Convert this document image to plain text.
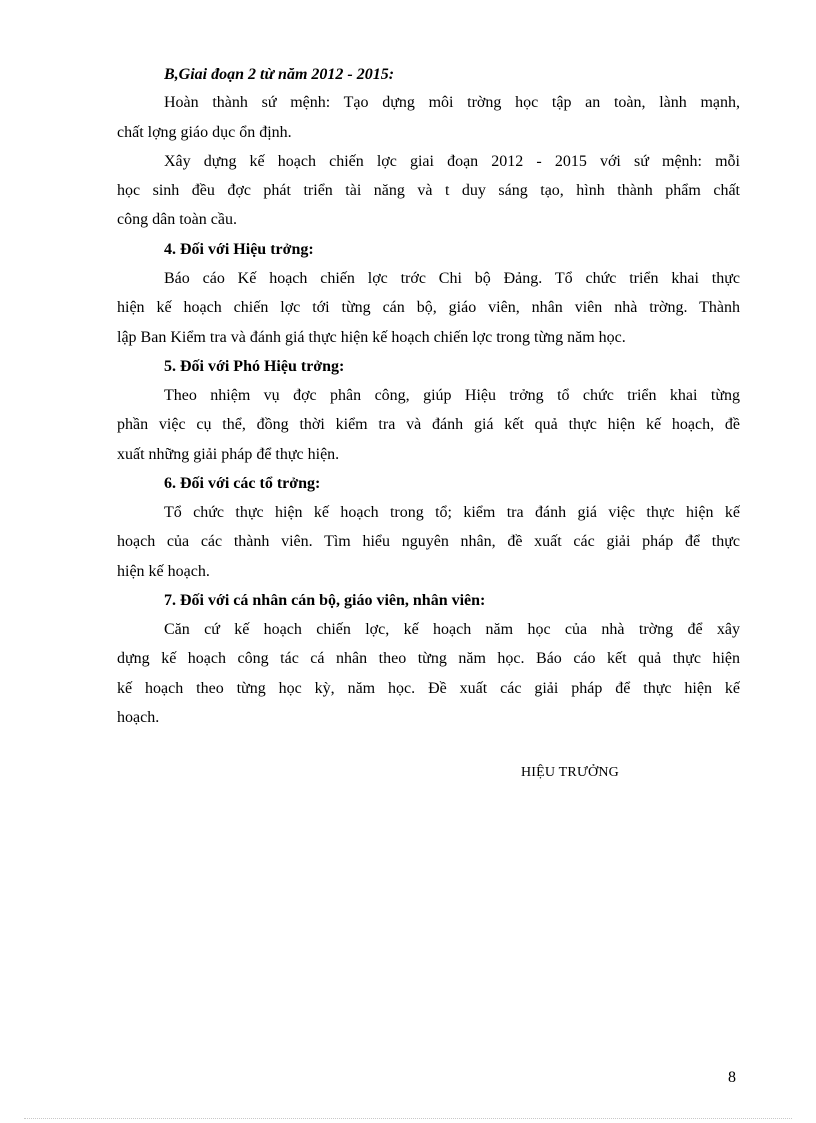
B,Giai đoạn 2 từ năm 2012 - 2015:
Hoàn thành sứ mệnh: Tạo dựng môi trờng học tập an toàn, lành mạnh,
chất lợng giáo dục ổn định.
Xây dựng kế hoạch chiến lợc giai đoạn 2012 - 2015 với sứ mệnh: mỗi
học sinh đều đợc phát triển tài năng và t duy sáng tạo, hình thành phẩm chất
công dân toàn cầu.
4. Đối với Hiệu trởng:
Báo cáo Kế hoạch chiến lợc trớc Chi bộ Đảng. Tổ chức triển khai thực
hiện kế hoạch chiến lợc tới từng cán bộ, giáo viên, nhân viên nhà trờng. Thành
lập Ban Kiểm tra và đánh giá thực hiện kế hoạch chiến lợc trong từng năm học.
5. Đối với Phó Hiệu trởng:
Theo nhiệm vụ đợc phân công, giúp Hiệu trởng tổ chức triển khai từng
phần việc cụ thể, đồng thời kiểm tra và đánh giá kết quả thực hiện kế hoạch, đề
xuất những giải pháp để thực hiện.
6. Đối với các tổ trởng:
Tổ chức thực hiện kế hoạch trong tổ; kiểm tra đánh giá việc thực hiện kế
hoạch của các thành viên. Tìm hiểu nguyên nhân, đề xuất các giải pháp để thực
hiện kế hoạch.
7. Đối với cá nhân cán bộ, giáo viên, nhân viên:
Căn cứ kế hoạch chiến lợc, kế hoạch năm học của nhà trờng để xây
dựng kế hoạch công tác cá nhân theo từng năm học. Báo cáo kết quả thực hiện
kế hoạch theo từng học kỳ, năm học. Đề xuất các giải pháp để thực hiện kế
hoạch.
HIỆU TRƯỞNG
8
